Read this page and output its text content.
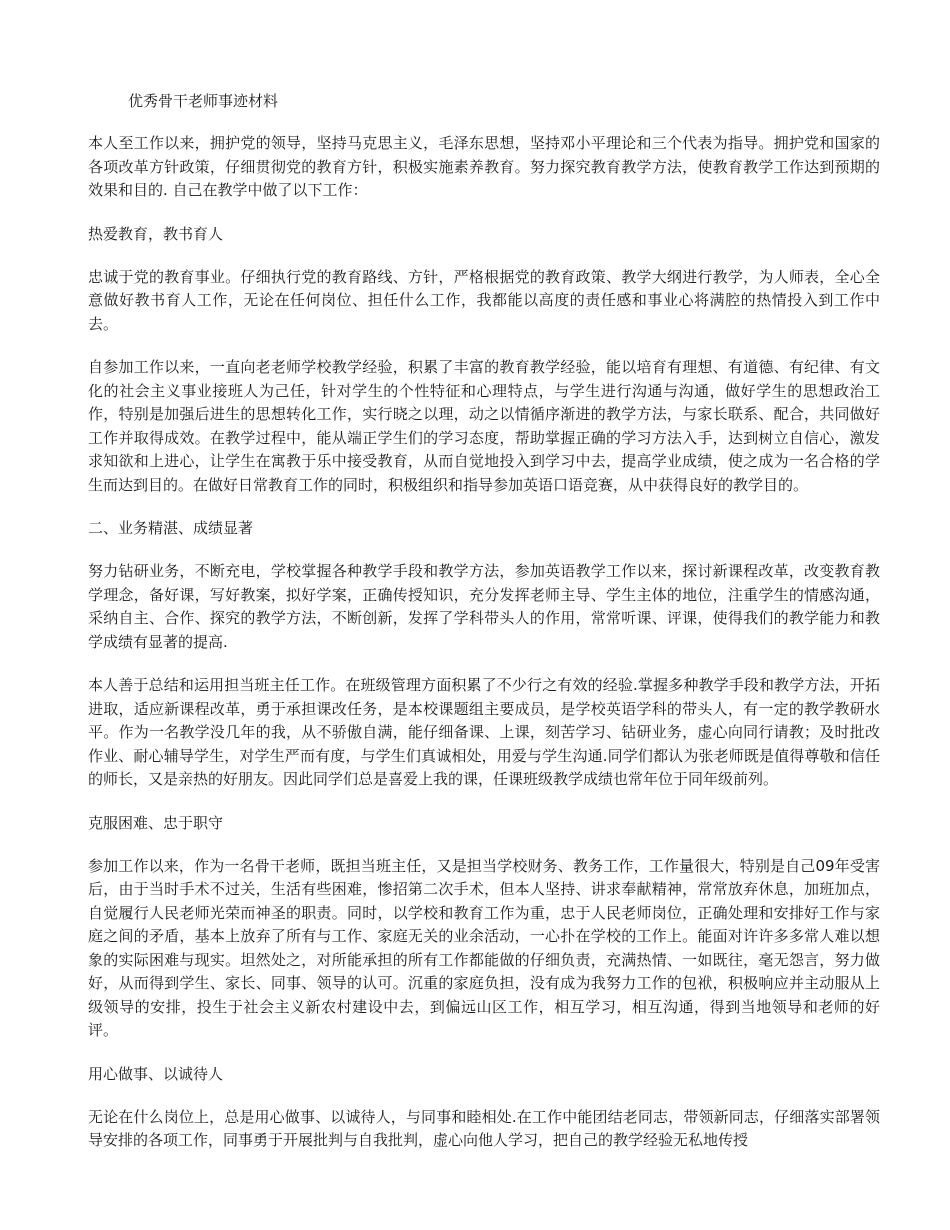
优秀骨干老师事迹材料

本人至工作以来，拥护党的领导，坚持马克思主义，毛泽东思想，坚持邓小平理论和三个代表为指导。拥护党和国家的各项改革方针政策，仔细贯彻党的教育方针，积极实施素养教育。努力探究教育教学方法，使教育教学工作达到预期的效果和目的. 自己在教学中做了以下工作：

热爱教育，教书育人

忠诚于党的教育事业。仔细执行党的教育路线、方针，严格根据党的教育政策、教学大纲进行教学，为人师表，全心全意做好教书育人工作，无论在任何岗位、担任什么工作，我都能以高度的责任感和事业心将满腔的热情投入到工作中去。

自参加工作以来，一直向老老师学校教学经验，积累了丰富的教育教学经验，能以培育有理想、有道德、有纪律、有文化的社会主义事业接班人为己任，针对学生的个性特征和心理特点，与学生进行沟通与沟通，做好学生的思想政治工作，特别是加强后进生的思想转化工作，实行晓之以理，动之以情循序渐进的教学方法，与家长联系、配合，共同做好工作并取得成效。在教学过程中，能从端正学生们的学习态度，帮助掌握正确的学习方法入手，达到树立自信心，激发求知欲和上进心，让学生在寓教于乐中接受教育，从而自觉地投入到学习中去，提高学业成绩，使之成为一名合格的学生而达到目的。在做好日常教育工作的同时，积极组织和指导参加英语口语竞赛，从中获得良好的教学目的。

二、业务精湛、成绩显著

努力钻研业务，不断充电，学校掌握各种教学手段和教学方法，参加英语教学工作以来，探讨新课程改革，改变教育教学理念，备好课，写好教案，拟好学案，正确传授知识，充分发挥老师主导、学生主体的地位，注重学生的情感沟通，采纳自主、合作、探究的教学方法，不断创新，发挥了学科带头人的作用，常常听课、评课，使得我们的教学能力和教学成绩有显著的提高.

本人善于总结和运用担当班主任工作。在班级管理方面积累了不少行之有效的经验.掌握多种教学手段和教学方法，开拓进取，适应新课程改革，勇于承担课改任务，是本校课题组主要成员，是学校英语学科的带头人，有一定的教学教研水平。作为一名教学没几年的我，从不骄傲自满，能仔细备课、上课，刻苦学习、钻研业务，虚心向同行请教；及时批改作业、耐心辅导学生，对学生严而有度，与学生们真诚相处，用爱与学生沟通.同学们都认为张老师既是值得尊敬和信任的师长，又是亲热的好朋友。因此同学们总是喜爱上我的课，任课班级教学成绩也常年位于同年级前列。

克服困难、忠于职守

参加工作以来，作为一名骨干老师，既担当班主任，又是担当学校财务、教务工作，工作量很大，特别是自己09年受害后，由于当时手术不过关，生活有些困难，惨招第二次手术，但本人坚持、讲求奉献精神，常常放弃休息，加班加点，自觉履行人民老师光荣而神圣的职责。同时，以学校和教育工作为重，忠于人民老师岗位，正确处理和安排好工作与家庭之间的矛盾，基本上放弃了所有与工作、家庭无关的业余活动，一心扑在学校的工作上。能面对许许多多常人难以想象的实际困难与现实。坦然处之，对所能承担的所有工作都能做的仔细负责，充满热情、一如既往，毫无怨言，努力做好，从而得到学生、家长、同事、领导的认可。沉重的家庭负担，没有成为我努力工作的包袱，积极响应并主动服从上级领导的安排，投生于社会主义新农村建设中去，到偏远山区工作，相互学习，相互沟通，得到当地领导和老师的好评。

用心做事、以诚待人

无论在什么岗位上，总是用心做事、以诚待人，与同事和睦相处.在工作中能团结老同志，带领新同志，仔细落实部署领导安排的各项工作，同事勇于开展批判与自我批判，虚心向他人学习，把自己的教学经验无私地传授
